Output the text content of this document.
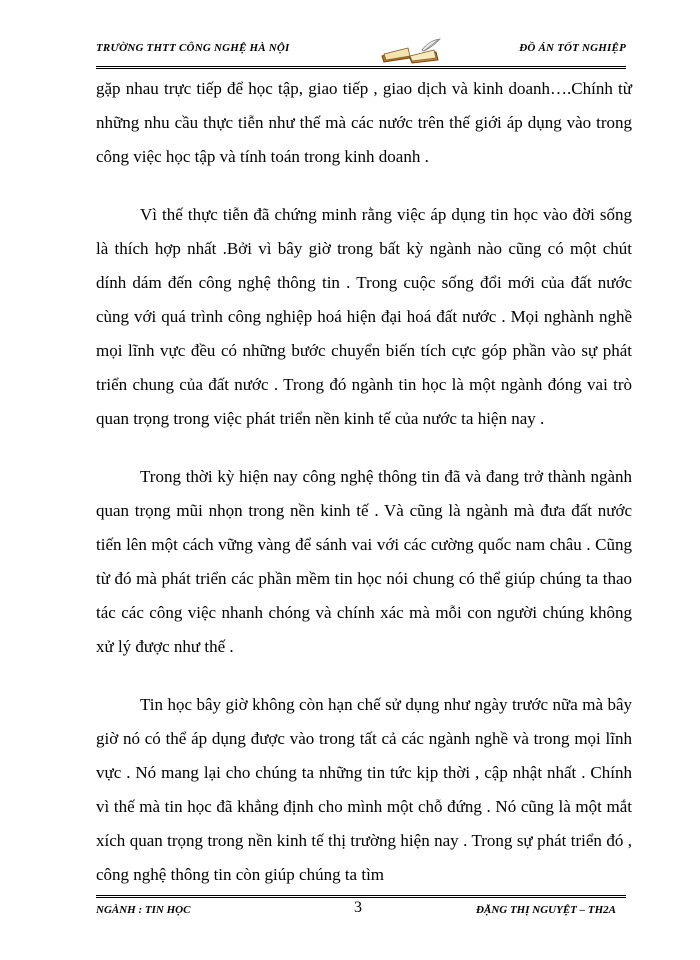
TRƯỜNG THTT CÔNG NGHỆ HÀ NỘI	ĐỒ ÁN TỐT NGHIỆP

gặp nhau trực tiếp để học tập, giao tiếp , giao dịch và kinh doanh….Chính từ những nhu cầu thực tiễn như thế mà các nước trên thế giới áp dụng vào trong công việc học tập và tính toán trong kinh doanh .

Vì thế thực tiễn đã chứng minh rằng việc áp dụng tin học vào đời sống là thích hợp nhất .Bởi vì bây giờ trong bất kỳ ngành nào cũng có một chút dính dám đến công nghệ thông tin . Trong cuộc sống đổi mới của đất nước cùng với quá trình công nghiệp hoá hiện đại hoá đất nước . Mọi nghành nghề mọi lĩnh vực đều có những bước chuyển biến tích cực góp phần vào sự phát triển chung của đất nước . Trong đó ngành tin học là một ngành đóng vai trò quan trọng trong việc phát triển nền kinh tế của nước ta hiện nay .

Trong thời kỳ hiện nay công nghệ thông tin đã và đang trở thành ngành quan trọng mũi nhọn trong nền kinh tế . Và cũng là ngành mà đưa đất nước tiến lên một cách vững vàng để sánh vai với các cường quốc nam châu . Cũng từ đó mà phát triển các phần mềm tin học nói chung có thể giúp chúng ta thao tác các công việc nhanh chóng và chính xác mà mỗi con người chúng không xử lý được như thế .

Tin học bây giờ không còn hạn chế sử dụng như ngày trước nữa mà bây giờ nó có thể áp dụng được vào trong tất cả các ngành nghề và trong mọi lĩnh vực . Nó mang lại cho chúng ta những tin tức kịp thời , cập nhật nhất . Chính vì thế mà tin học đã khẳng định cho mình một chỗ đứng . Nó cũng là một mắt xích quan trọng trong nền kinh tế thị trường hiện nay . Trong sự phát triển đó , công nghệ thông tin còn giúp chúng ta tìm

NGÀNH : TIN HỌC	3	ĐẶNG THỊ NGUYỆT – TH2A
